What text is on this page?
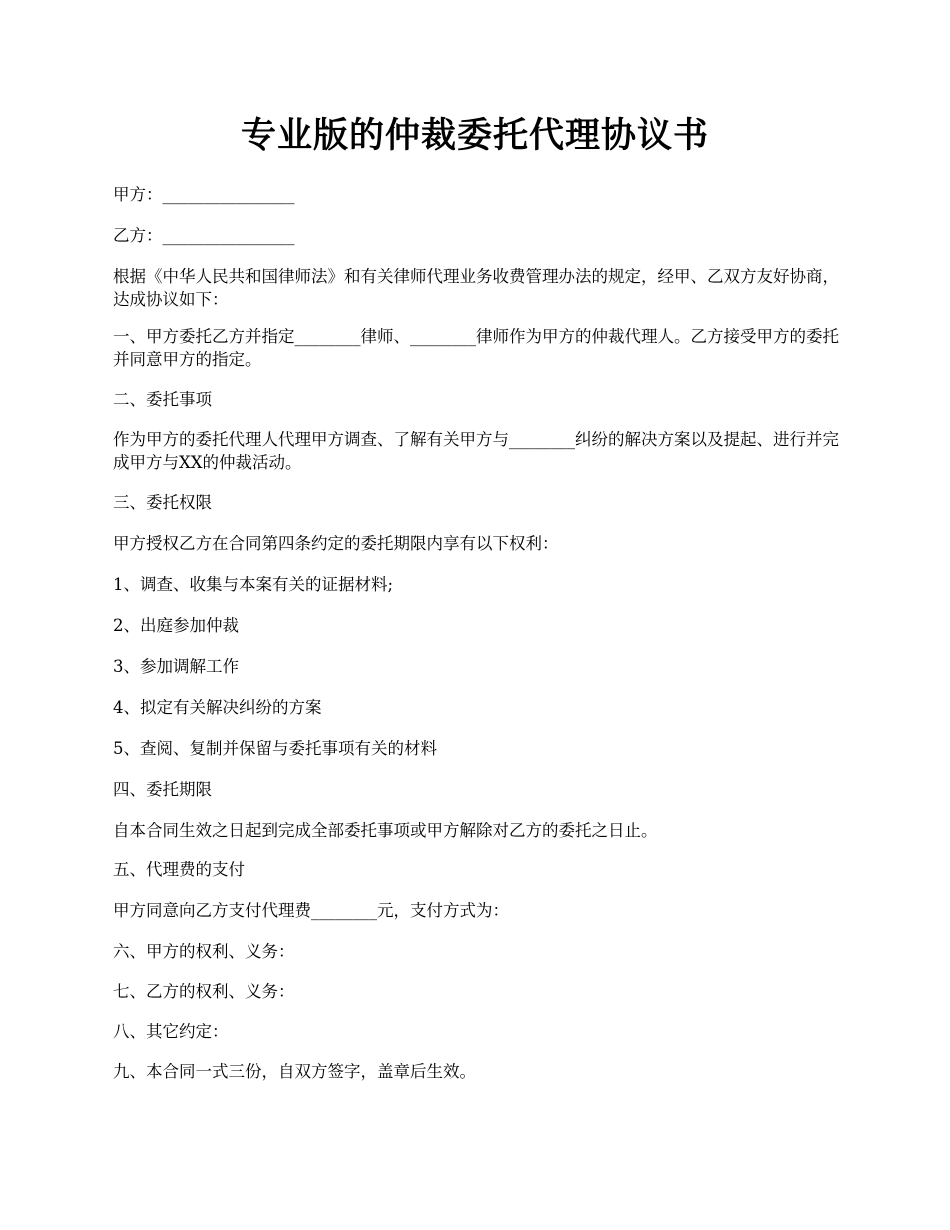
专业版的仲裁委托代理协议书
甲方：________________
乙方：________________
根据《中华人民共和国律师法》和有关律师代理业务收费管理办法的规定，经甲、乙双方友好协商，达成协议如下：
一、甲方委托乙方并指定________律师、________律师作为甲方的仲裁代理人。乙方接受甲方的委托并同意甲方的指定。
二、委托事项
作为甲方的委托代理人代理甲方调查、了解有关甲方与________纠纷的解决方案以及提起、进行并完成甲方与XX的仲裁活动。
三、委托权限
甲方授权乙方在合同第四条约定的委托期限内享有以下权利：
1、调查、收集与本案有关的证据材料;
2、出庭参加仲裁
3、参加调解工作
4、拟定有关解决纠纷的方案
5、查阅、复制并保留与委托事项有关的材料
四、委托期限
自本合同生效之日起到完成全部委托事项或甲方解除对乙方的委托之日止。
五、代理费的支付
甲方同意向乙方支付代理费________元，支付方式为：
六、甲方的权利、义务：
七、乙方的权利、义务：
八、其它约定：
九、本合同一式三份，自双方签字，盖章后生效。
